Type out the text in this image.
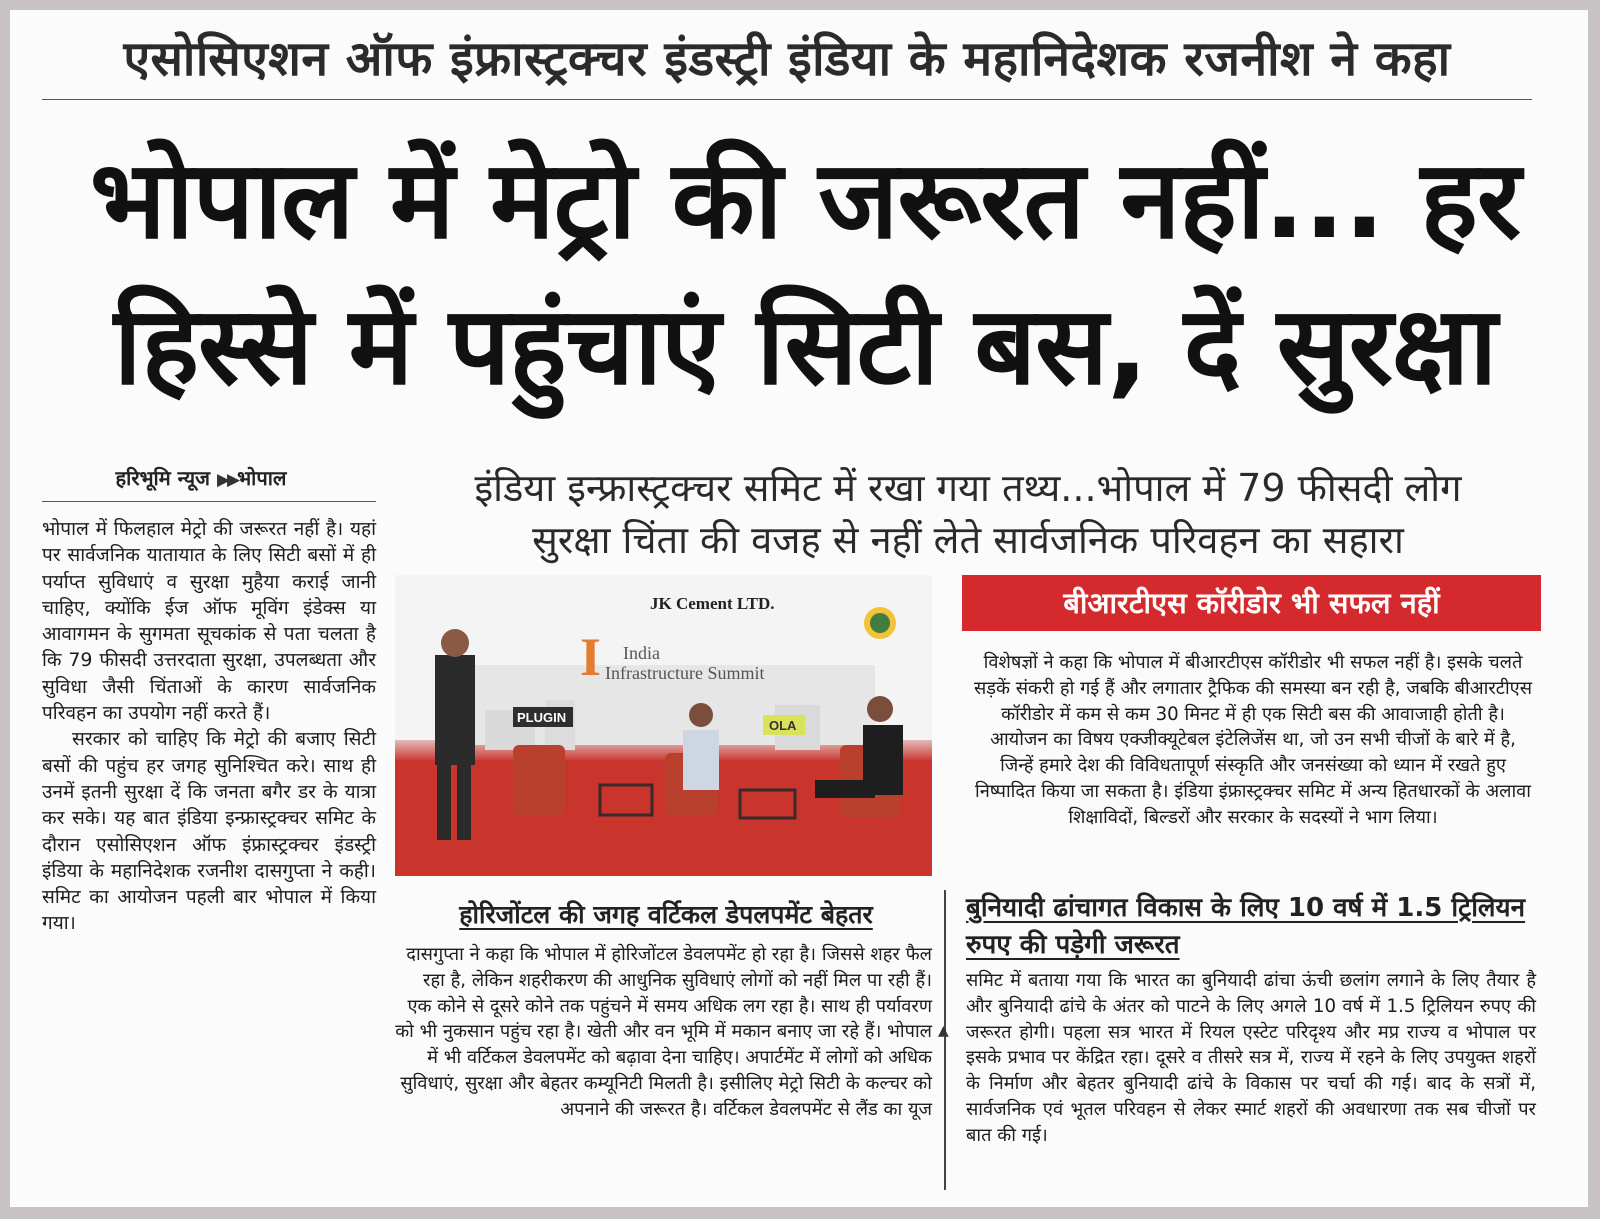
एसोसिएशन ऑफ इंफ्रास्ट्रक्चर इंडस्ट्री इंडिया के महानिदेशक रजनीश ने कहा
भोपाल में मेट्रो की जरूरत नहीं... हर
हिस्से में पहुंचाएं सिटी बस, दें सुरक्षा
हरिभूमि न्यूज ▶▶भोपाल

भोपाल में फिलहाल मेट्रो की जरूरत नहीं है। यहां पर सार्वजनिक यातायात के लिए सिटी बसों में ही पर्याप्त सुविधाएं व सुरक्षा मुहैया कराई जानी चाहिए, क्योंकि ईज ऑफ मूविंग इंडेक्स या आवागमन के सुगमता सूचकांक से पता चलता है कि 79 फीसदी उत्तरदाता सुरक्षा, उपलब्धता और सुविधा जैसी चिंताओं के कारण सार्वजनिक परिवहन का उपयोग नहीं करते हैं।

सरकार को चाहिए कि मेट्रो की बजाए सिटी बसों की पहुंच हर जगह सुनिश्चित करे। साथ ही उनमें इतनी सुरक्षा दें कि जनता बगैर डर के यात्रा कर सके। यह बात इंडिया इन्फ्रास्ट्रक्चर समिट के दौरान एसोसिएशन ऑफ इंफ्रास्ट्रक्चर इंडस्ट्री इंडिया के महानिदेशक रजनीश दासगुप्ता ने कही। समिट का आयोजन पहली बार भोपाल में किया गया।

इंडिया इन्फ्रास्ट्रक्चर समिट में रखा गया तथ्य...भोपाल में 79 फीसदी लोग
सुरक्षा चिंता की वजह से नहीं लेते सार्वजनिक परिवहन का सहारा
JK Cement LTD.
India
Infrastructure Summit
I
PLUGIN
OLA
बीआरटीएस कॉरीडोर भी सफल नहीं
विशेषज्ञों ने कहा कि भोपाल में बीआरटीएस कॉरीडोर भी सफल नहीं है। इसके चलते सड़कें संकरी हो गई हैं और लगातार ट्रैफिक की समस्या बन रही है, जबकि बीआरटीएस कॉरीडोर में कम से कम 30 मिनट में ही एक सिटी बस की आवाजाही होती है। आयोजन का विषय एक्जीक्यूटेबल इंटेलिजेंस था, जो उन सभी चीजों के बारे में है, जिन्हें हमारे देश की विविधतापूर्ण संस्कृति और जनसंख्या को ध्यान में रखते हुए निष्पादित किया जा सकता है। इंडिया इंफ्रास्ट्रक्चर समिट में अन्य हितधारकों के अलावा शिक्षाविदों, बिल्डरों और सरकार के सदस्यों ने भाग लिया।
होरिजोंटल की जगह वर्टिकल डेपलपमेंट बेहतर
दासगुप्ता ने कहा कि भोपाल में होरिजोंटल डेवलपमेंट हो रहा है। जिससे शहर फैल रहा है, लेकिन शहरीकरण की आधुनिक सुविधाएं लोगों को नहीं मिल पा रही हैं। एक कोने से दूसरे कोने तक पहुंचने में समय अधिक लग रहा है। साथ ही पर्यावरण को भी नुकसान पहुंच रहा है। खेती और वन भूमि में मकान बनाए जा रहे हैं। भोपाल में भी वर्टिकल डेवलपमेंट को बढ़ावा देना चाहिए। अपार्टमेंट में लोगों को अधिक सुविधाएं, सुरक्षा और बेहतर कम्यूनिटी मिलती है। इसीलिए मेट्रो सिटी के कल्चर को अपनाने की जरूरत है। वर्टिकल डेवलपमेंट से लैंड का यूज
▲
बुनियादी ढांचागत विकास के लिए 10 वर्ष में 1.5 ट्रिलियन रुपए की पड़ेगी जरूरत
समिट में बताया गया कि भारत का बुनियादी ढांचा ऊंची छलांग लगाने के लिए तैयार है और बुनियादी ढांचे के अंतर को पाटने के लिए अगले 10 वर्ष में 1.5 ट्रिलियन रुपए की जरूरत होगी। पहला सत्र भारत में रियल एस्टेट परिदृश्य और मप्र राज्य व भोपाल पर इसके प्रभाव पर केंद्रित रहा। दूसरे व तीसरे सत्र में, राज्य में रहने के लिए उपयुक्त शहरों के निर्माण और बेहतर बुनियादी ढांचे के विकास पर चर्चा की गई। बाद के सत्रों में, सार्वजनिक एवं भूतल परिवहन से लेकर स्मार्ट शहरों की अवधारणा तक सब चीजों पर बात की गई।
